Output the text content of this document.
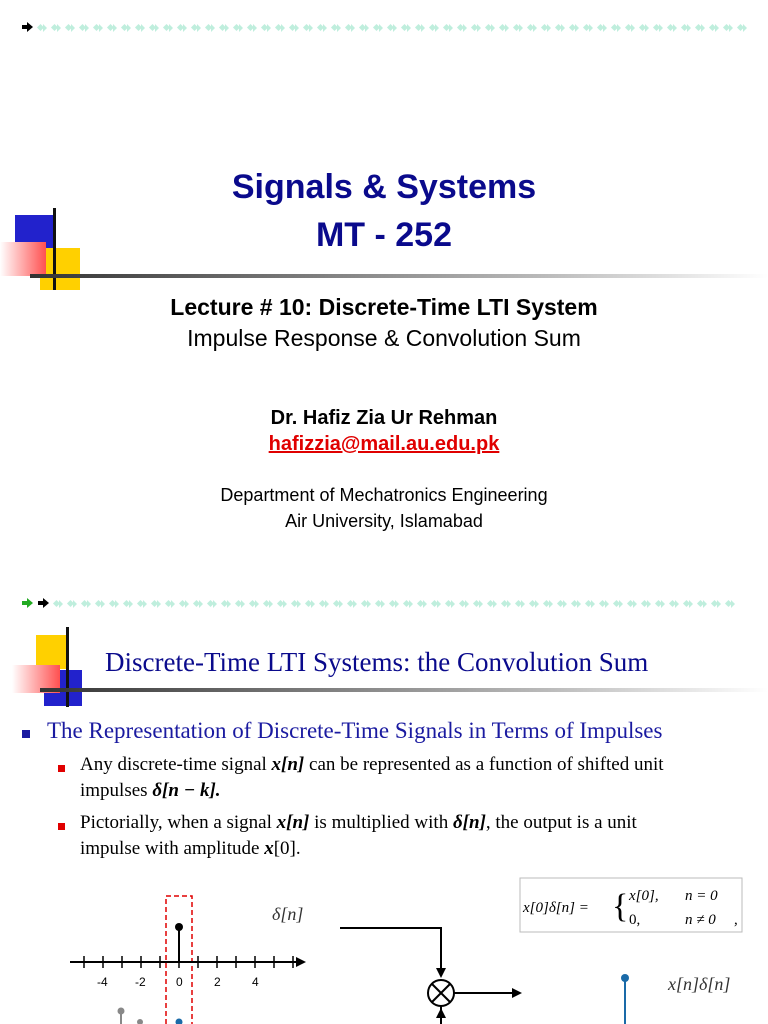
Signals & Systems
MT - 252
Lecture # 10: Discrete-Time LTI System
Impulse Response & Convolution Sum
Dr. Hafiz Zia Ur Rehman
hafizzia@mail.au.edu.pk
Department of Mechatronics Engineering
Air University, Islamabad
Discrete-Time LTI Systems: the Convolution Sum
The Representation of Discrete-Time Signals in Terms of Impulses
Any discrete-time signal x[n] can be represented as a function of shifted unit
impulses δ[n − k].
Pictorially, when a signal x[n] is multiplied with δ[n], the output is a unit
impulse with amplitude x[0].
-4 -2	0	2	4
δ[n]
x[n]δ[n]
x[0]δ[n] = { x[0], n = 0
0,	n ≠ 0 ,
